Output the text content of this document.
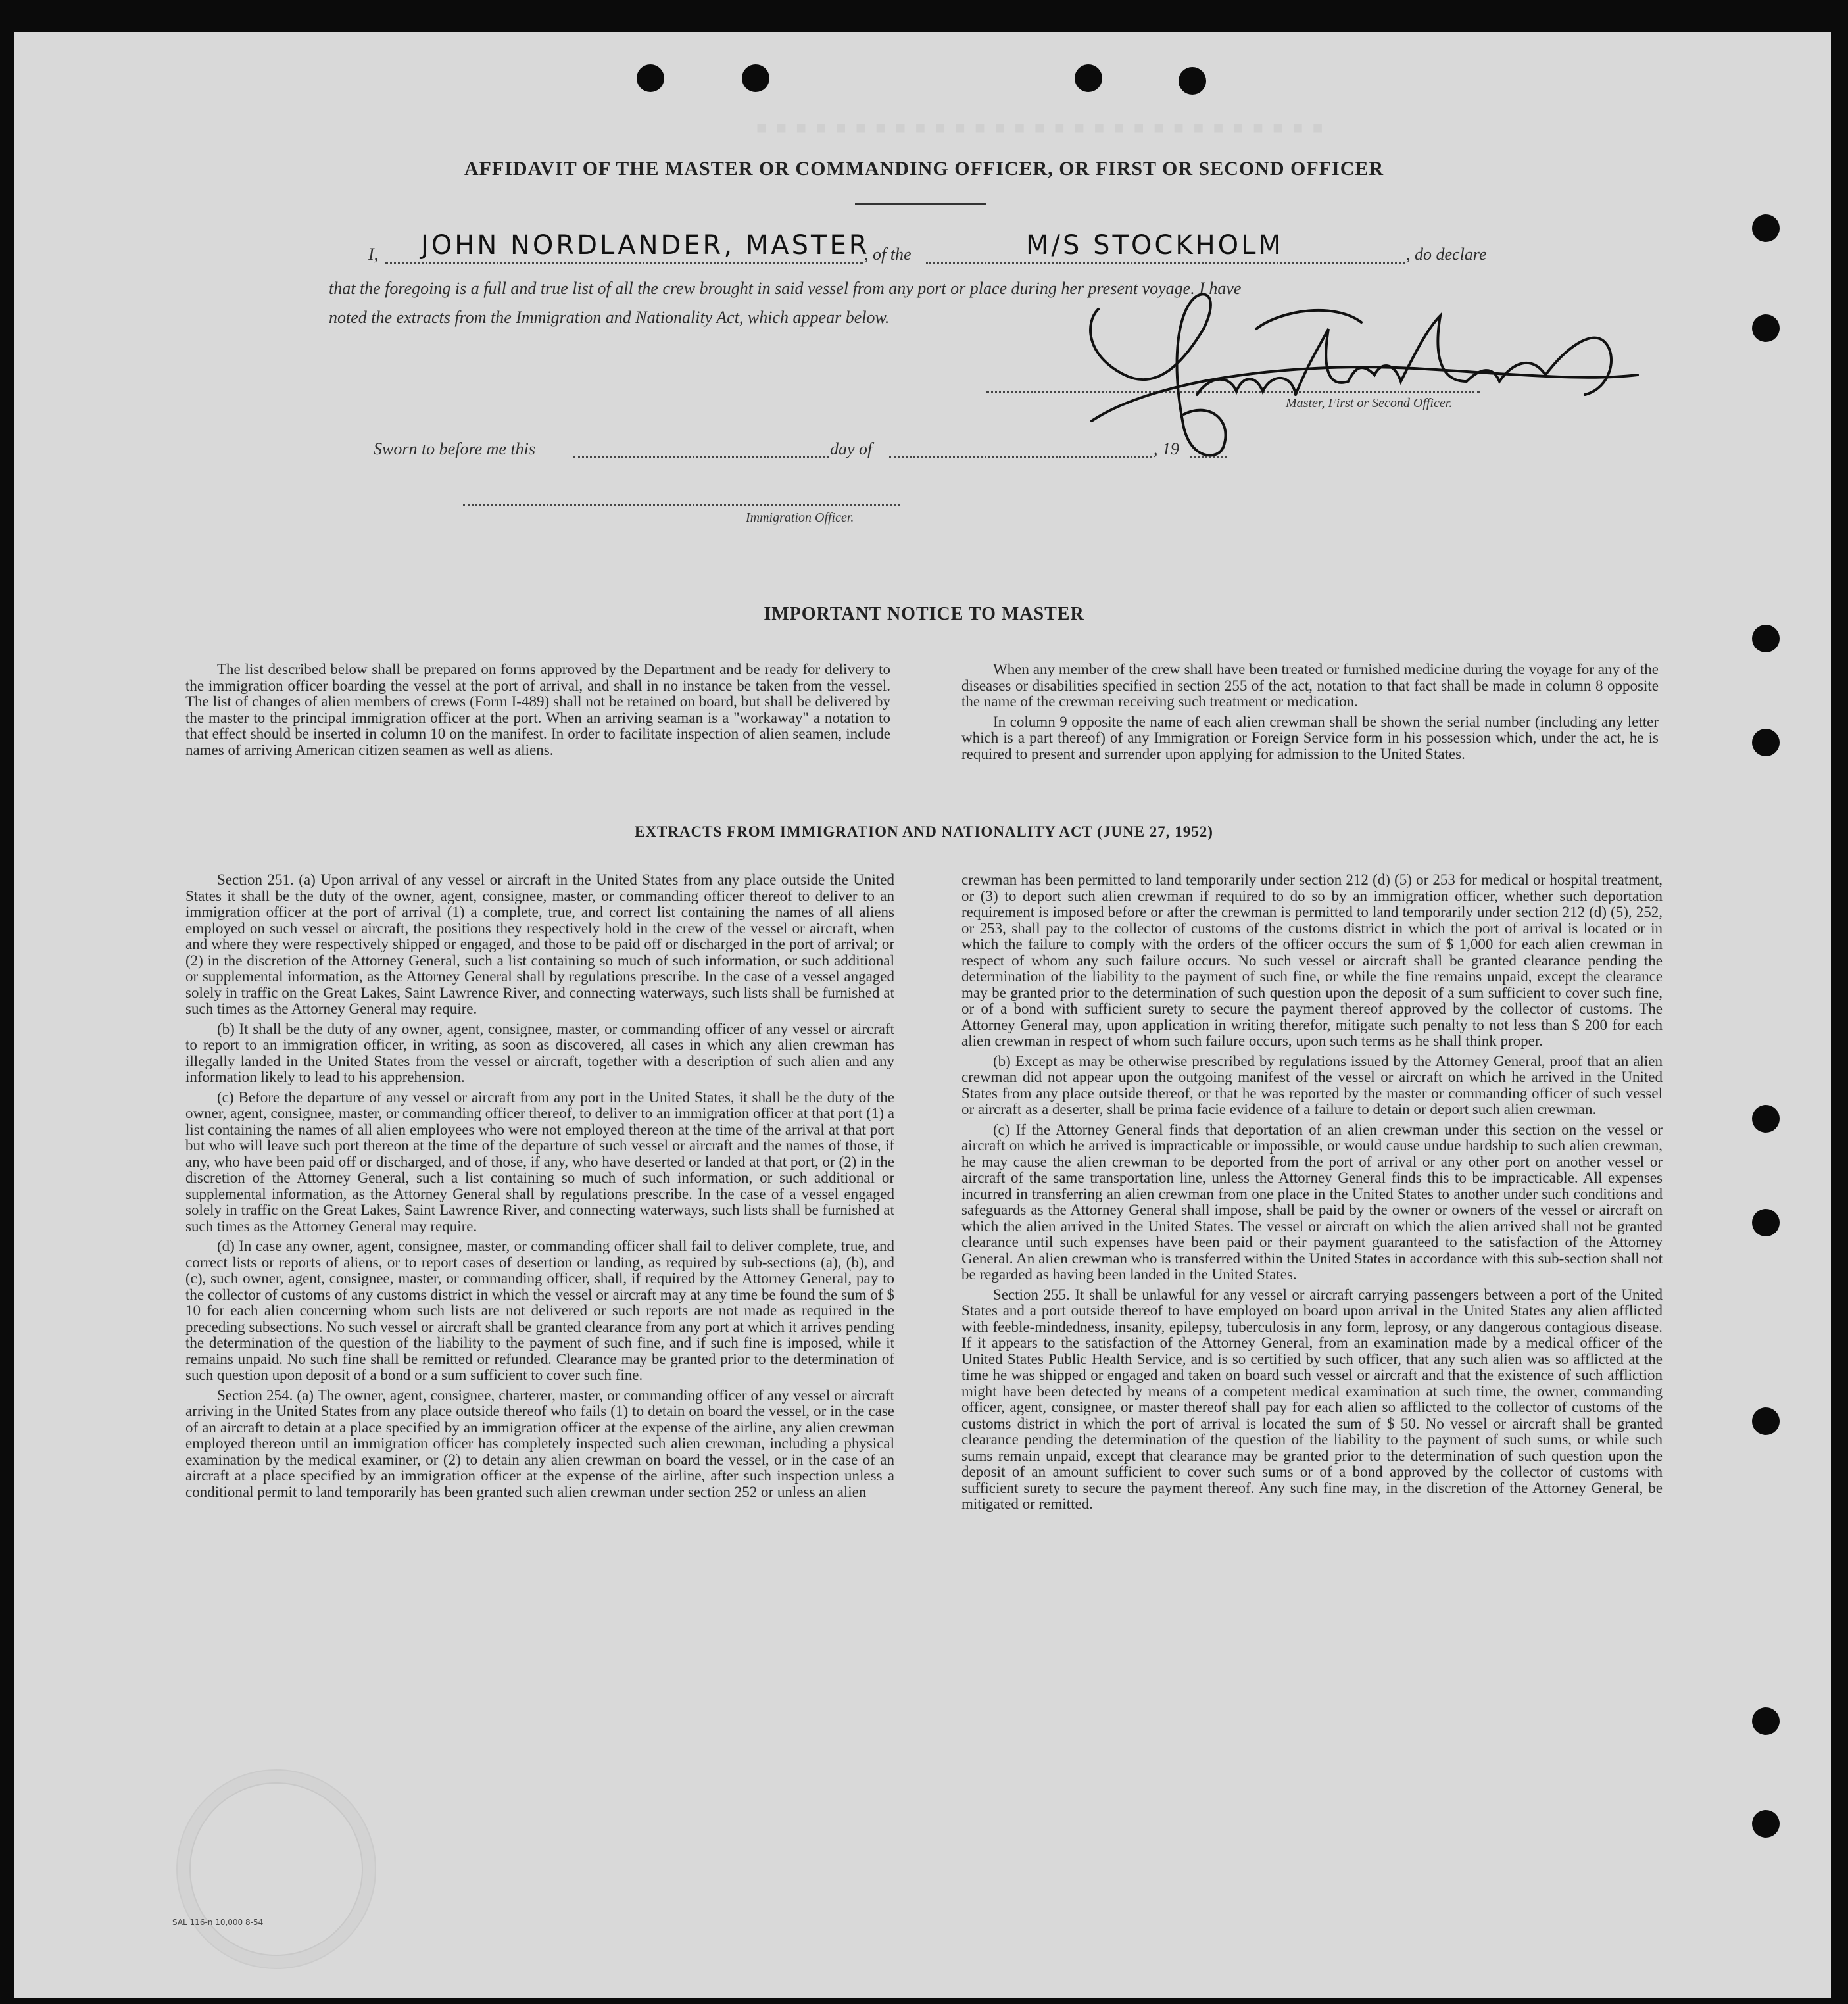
■ ■ ■ ■ ■ ■ ■ ■ ■ ■ ■ ■ ■ ■ ■ ■ ■ ■ ■ ■ ■ ■ ■ ■ ■ ■ ■ ■ ■
AFFIDAVIT OF THE MASTER OR COMMANDING OFFICER, OR FIRST OR SECOND OFFICER
I, JOHN NORDLANDER, MASTER
, of the	M/S STOCKHOLM	, do declare
that the foregoing is a full and true list of all the crew brought in said vessel from any port or place during her present voyage. I have
noted the extracts from the Immigration and Nationality Act, which appear below.
Master, First or Second Officer.
Sworn to before me this	day of	, 19
Immigration Officer.
IMPORTANT NOTICE TO MASTER

The list described below shall be prepared on forms approved by the Department and be ready for delivery to the immigration officer boarding the vessel at the port of arrival, and shall in no instance be taken from the vessel. The list of changes of alien members of crews (Form I-489) shall not be retained on board, but shall be delivered by the master to the principal immigration officer at the port. When an arriving seaman is a "workaway" a notation to that effect should be inserted in column 10 on the manifest. In order to facilitate inspection of alien seamen, include names of arriving American citizen seamen as well as aliens.

When any member of the crew shall have been treated or furnished medicine during the voyage for any of the diseases or disabilities specified in section 255 of the act, notation to that fact shall be made in column 8 opposite the name of the crewman receiving such treatment or medication.

In column 9 opposite the name of each alien crewman shall be shown the serial number (including any letter which is a part thereof) of any Immigration or Foreign Service form in his possession which, under the act, he is required to present and surrender upon applying for admission to the United States.

EXTRACTS FROM IMMIGRATION AND NATIONALITY ACT (JUNE 27, 1952)

Section 251. (a) Upon arrival of any vessel or aircraft in the United States from any place outside the United States it shall be the duty of the owner, agent, consignee, master, or commanding officer thereof to deliver to an immigration officer at the port of arrival (1) a complete, true, and correct list containing the names of all aliens employed on such vessel or aircraft, the positions they respectively hold in the crew of the vessel or aircraft, when and where they were respectively shipped or engaged, and those to be paid off or discharged in the port of arrival; or (2) in the discretion of the Attorney General, such a list containing so much of such information, or such additional or supplemental information, as the Attorney General shall by regulations prescribe. In the case of a vessel angaged solely in traffic on the Great Lakes, Saint Lawrence River, and connecting waterways, such lists shall be furnished at such times as the Attorney General may require.

(b) It shall be the duty of any owner, agent, consignee, master, or commanding officer of any vessel or aircraft to report to an immigration officer, in writing, as soon as discovered, all cases in which any alien crewman has illegally landed in the United States from the vessel or aircraft, together with a description of such alien and any information likely to lead to his apprehension.

(c) Before the departure of any vessel or aircraft from any port in the United States, it shall be the duty of the owner, agent, consignee, master, or commanding officer thereof, to deliver to an immigration officer at that port (1) a list containing the names of all alien employees who were not employed thereon at the time of the arrival at that port but who will leave such port thereon at the time of the departure of such vessel or aircraft and the names of those, if any, who have been paid off or discharged, and of those, if any, who have deserted or landed at that port, or (2) in the discretion of the Attorney General, such a list containing so much of such information, or such additional or supplemental information, as the Attorney General shall by regulations prescribe. In the case of a vessel engaged solely in traffic on the Great Lakes, Saint Lawrence River, and connecting waterways, such lists shall be furnished at such times as the Attorney General may require.

(d) In case any owner, agent, consignee, master, or commanding officer shall fail to deliver complete, true, and correct lists or reports of aliens, or to report cases of desertion or landing, as required by sub-sections (a), (b), and (c), such owner, agent, consignee, master, or commanding officer, shall, if required by the Attorney General, pay to the collector of customs of any customs district in which the vessel or aircraft may at any time be found the sum of $ 10 for each alien concerning whom such lists are not delivered or such reports are not made as required in the preceding subsections. No such vessel or aircraft shall be granted clearance from any port at which it arrives pending the determination of the question of the liability to the payment of such fine, and if such fine is imposed, while it remains unpaid. No such fine shall be remitted or refunded. Clearance may be granted prior to the determination of such question upon deposit of a bond or a sum sufficient to cover such fine.

Section 254. (a) The owner, agent, consignee, charterer, master, or commanding officer of any vessel or aircraft arriving in the United States from any place outside thereof who fails (1) to detain on board the vessel, or in the case of an aircraft to detain at a place specified by an immigration officer at the expense of the airline, any alien crewman employed thereon until an immigration officer has completely inspected such alien crewman, including a physical examination by the medical examiner, or (2) to detain any alien crewman on board the vessel, or in the case of an aircraft at a place specified by an immigration officer at the expense of the airline, after such inspection unless a conditional permit to land temporarily has been granted such alien crewman under section 252 or unless an alien

crewman has been permitted to land temporarily under section 212 (d) (5) or 253 for medical or hospital treatment, or (3) to deport such alien crewman if required to do so by an immigration officer, whether such deportation requirement is imposed before or after the crewman is permitted to land temporarily under section 212 (d) (5), 252, or 253, shall pay to the collector of customs of the customs district in which the port of arrival is located or in which the failure to comply with the orders of the officer occurs the sum of $ 1,000 for each alien crewman in respect of whom any such failure occurs. No such vessel or aircraft shall be granted clearance pending the determination of the liability to the payment of such fine, or while the fine remains unpaid, except the clearance may be granted prior to the determination of such question upon the deposit of a sum sufficient to cover such fine, or of a bond with sufficient surety to secure the payment thereof approved by the collector of customs. The Attorney General may, upon application in writing therefor, mitigate such penalty to not less than $ 200 for each alien crewman in respect of whom such failure occurs, upon such terms as he shall think proper.

(b) Except as may be otherwise prescribed by regulations issued by the Attorney General, proof that an alien crewman did not appear upon the outgoing manifest of the vessel or aircraft on which he arrived in the United States from any place outside thereof, or that he was reported by the master or commanding officer of such vessel or aircraft as a deserter, shall be prima facie evidence of a failure to detain or deport such alien crewman.

(c) If the Attorney General finds that deportation of an alien crewman under this section on the vessel or aircraft on which he arrived is impracticable or impossible, or would cause undue hardship to such alien crewman, he may cause the alien crewman to be deported from the port of arrival or any other port on another vessel or aircraft of the same transportation line, unless the Attorney General finds this to be impracticable. All expenses incurred in transferring an alien crewman from one place in the United States to another under such conditions and safeguards as the Attorney General shall impose, shall be paid by the owner or owners of the vessel or aircraft on which the alien arrived in the United States. The vessel or aircraft on which the alien arrived shall not be granted clearance until such expenses have been paid or their payment guaranteed to the satisfaction of the Attorney General. An alien crewman who is transferred within the United States in accordance with this sub-section shall not be regarded as having been landed in the United States.

Section 255. It shall be unlawful for any vessel or aircraft carrying passengers between a port of the United States and a port outside thereof to have employed on board upon arrival in the United States any alien afflicted with feeble-mindedness, insanity, epilepsy, tuberculosis in any form, leprosy, or any dangerous contagious disease. If it appears to the satisfaction of the Attorney General, from an examination made by a medical officer of the United States Public Health Service, and is so certified by such officer, that any such alien was so afflicted at the time he was shipped or engaged and taken on board such vessel or aircraft and that the existence of such affliction might have been detected by means of a competent medical examination at such time, the owner, commanding officer, agent, consignee, or master thereof shall pay for each alien so afflicted to the collector of customs of the customs district in which the port of arrival is located the sum of $ 50. No vessel or aircraft shall be granted clearance pending the determination of the question of the liability to the payment of such sums, or while such sums remain unpaid, except that clearance may be granted prior to the determination of such question upon the deposit of an amount sufficient to cover such sums or of a bond approved by the collector of customs with sufficient surety to secure the payment thereof. Any such fine may, in the discretion of the Attorney General, be mitigated or remitted.

SAL 116-n 10,000 8-54
